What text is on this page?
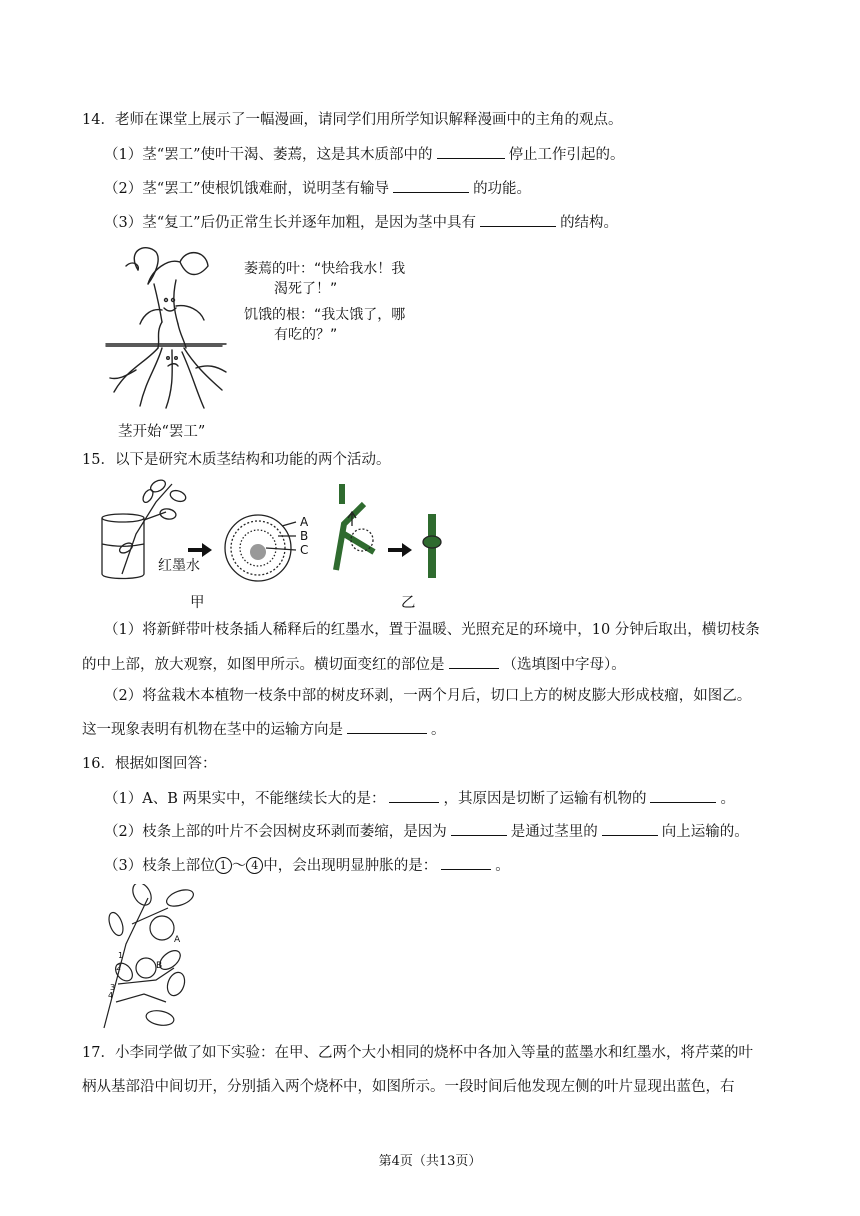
14．老师在课堂上展示了一幅漫画，请同学们用所学知识解释漫画中的主角的观点。
（1）茎“罢工”使叶干渴、萎蔫，这是其木质部中的	停止工作引起的。
（2）茎“罢工”使根饥饿难耐，说明茎有输导	的功能。
（3）茎“复工”后仍正常生长并逐年加粗，是因为茎中具有	的结构。
萎蔫的叶：“快给我水！我
渴死了！”
饥饿的根：“我太饿了，哪
有吃的？”
茎开始“罢工”
15．以下是研究木质茎结构和功能的两个活动。
A
B
C
红墨水
甲	乙
（1）将新鲜带叶枝条插人稀释后的红墨水，置于温暖、光照充足的环境中，10 分钟后取出，横切枝条
的中上部，放大观察，如图甲所示。横切面变红的部位是	（选填图中字母）。
（2）将盆栽木本植物一枝条中部的树皮环剥，一两个月后，切口上方的树皮膨大形成枝瘤，如图乙。
这一现象表明有机物在茎中的运输方向是	。
16．根据如图回答：
（1）A、B 两果实中，不能继续长大的是：	，其原因是切断了运输有机物的	。
（2）枝条上部的叶片不会因树皮环剥而萎缩，是因为	是通过茎里的	向上运输的。
（3）枝条上部位 1 ～ 4 中，会出现明显肿胀的是：	。
A
B
1
2
3
4
17．小李同学做了如下实验：在甲、乙两个大小相同的烧杯中各加入等量的蓝墨水和红墨水，将芹菜的叶
柄从基部沿中间切开，分别插入两个烧杯中，如图所示。一段时间后他发现左侧的叶片显现出蓝色，右
第4页（共13页）
